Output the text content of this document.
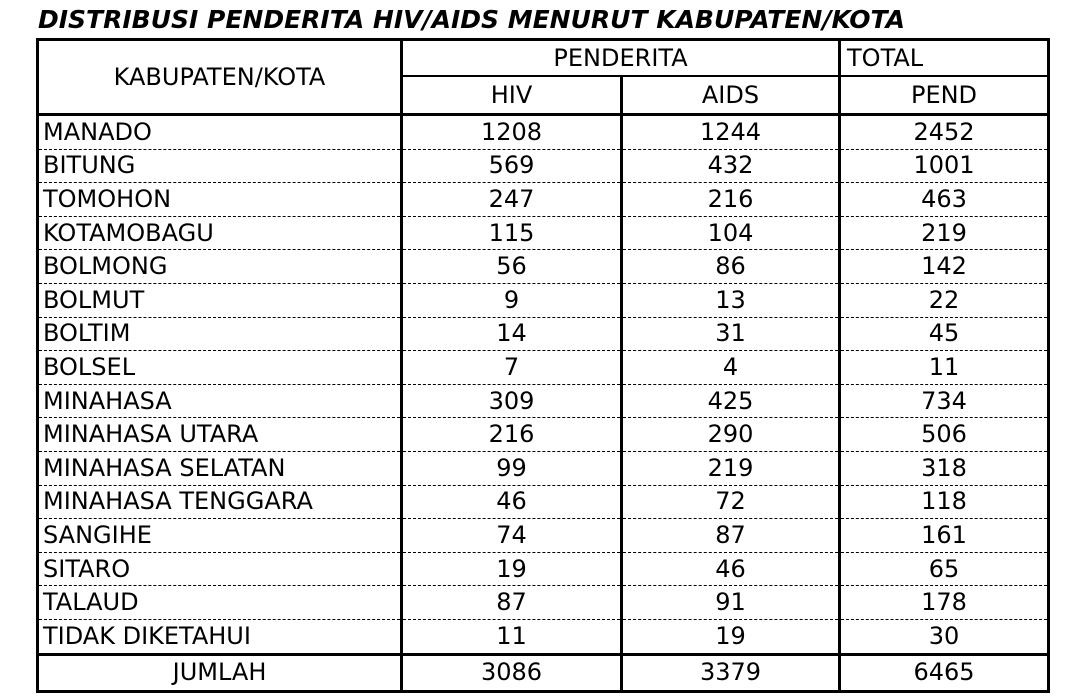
DISTRIBUSI PENDERITA HIV/AIDS MENURUT KABUPATEN/KOTA
KABUPATEN/KOTA	PENDERITA		TOTAL
	HIV	AIDS	PEND
MANADO	1208	1244	2452
BITUNG	569	432	1001
TOMOHON	247	216	463
KOTAMOBAGU	115	104	219
BOLMONG	56	86	142
BOLMUT	9	13	22
BOLTIM	14	31	45
BOLSEL	7	4	11
MINAHASA	309	425	734
MINAHASA UTARA	216	290	506
MINAHASA SELATAN	99	219	318
MINAHASA TENGGARA	46	72	118
SANGIHE	74	87	161
SITARO	19	46	65
TALAUD	87	91	178
TIDAK DIKETAHUI	11	19	30
JUMLAH	3086	3379	6465
